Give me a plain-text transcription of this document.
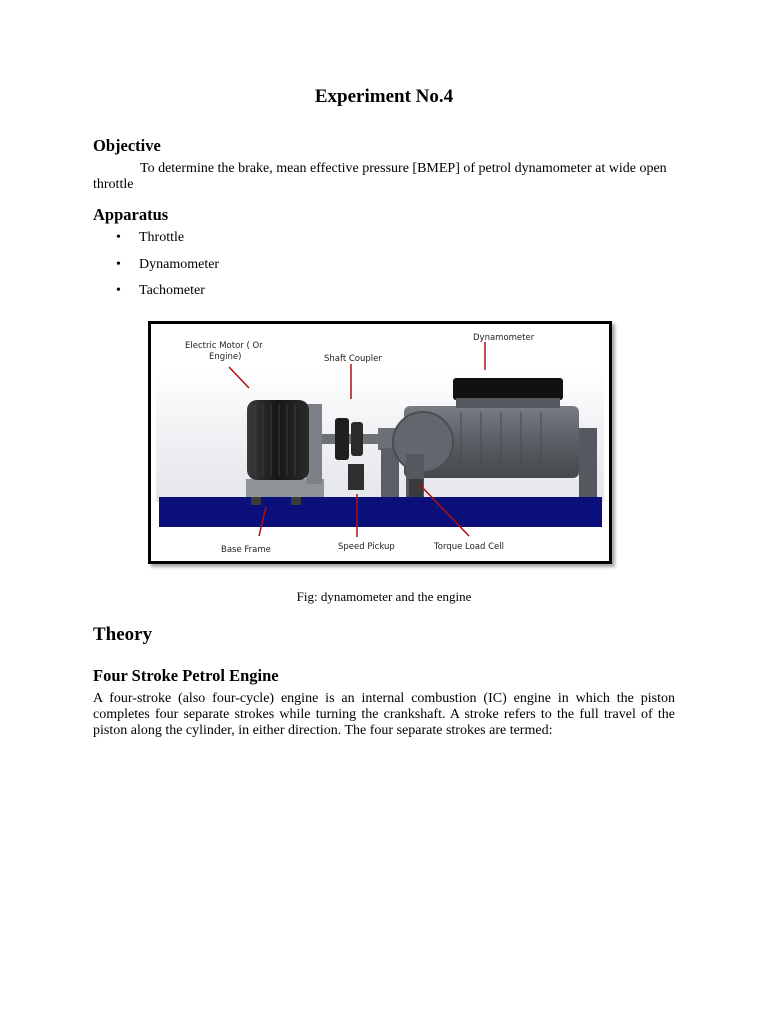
Experiment No.4
Objective
To determine the brake, mean effective pressure [BMEP] of petrol dynamometer at wide open throttle
Apparatus
• Throttle
• Dynamometer
• Tachometer
Electric Motor ( Or
Engine)	Shaft Coupler
Dynamometer
Base Frame	Speed Pickup	Torque Load Cell
Fig: dynamometer and the engine
Theory
Four Stroke Petrol Engine
A four-stroke (also four-cycle) engine is an internal combustion (IC) engine in which the piston completes four separate strokes while turning the crankshaft. A stroke refers to the full travel of the piston along the cylinder, in either direction. The four separate strokes are termed:
